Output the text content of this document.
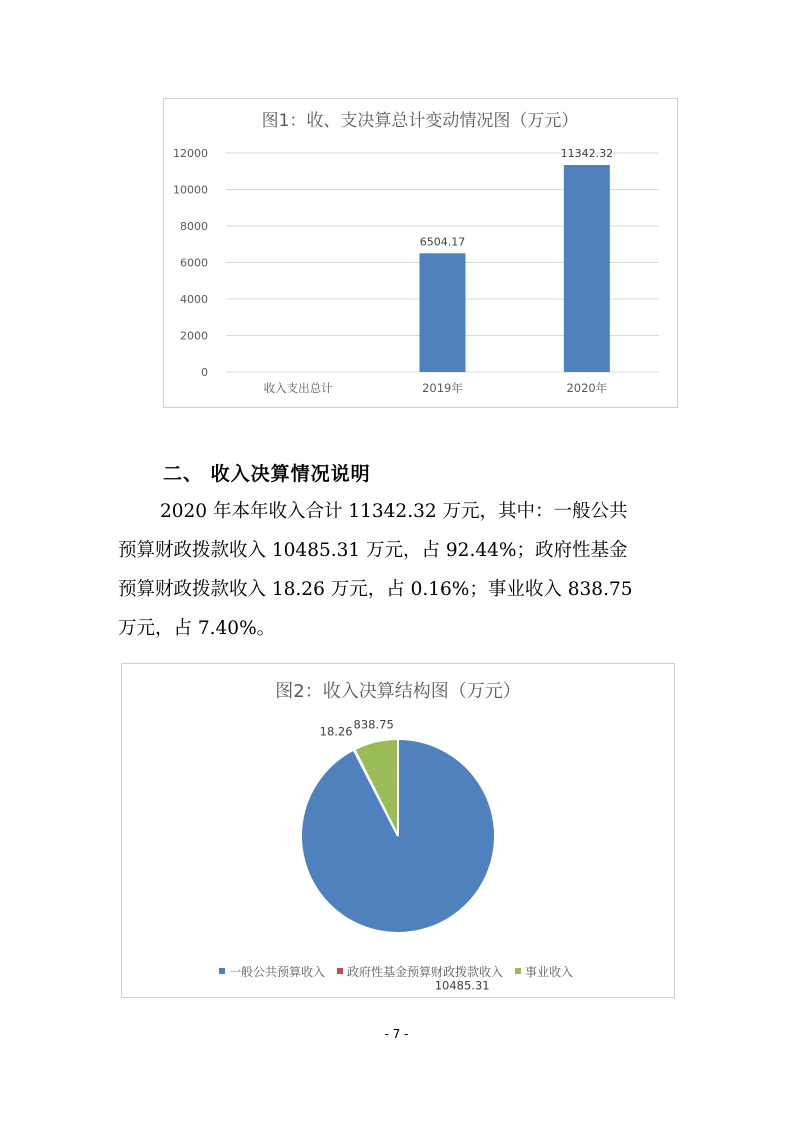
图1：收、支决算总计变动情况图（万元）
0
2000
4000
6000
8000
10000
12000
6504.17
11342.32
收入支出总计	2019年	2020年
二、 收入决算情况说明

2020 年本年收入合计 11342.32 万元，其中：一般公共

预算财政拨款收入 10485.31 万元，占 92.44%；政府性基金

预算财政拨款收入 18.26 万元，占 0.16%；事业收入 838.75

万元，占 7.40%。

图2：收入决算结构图（万元）
10485.31
18.26 838.75
一般公共预算收入 政府性基金预算财政拨款收入 事业收入
- 7 -
